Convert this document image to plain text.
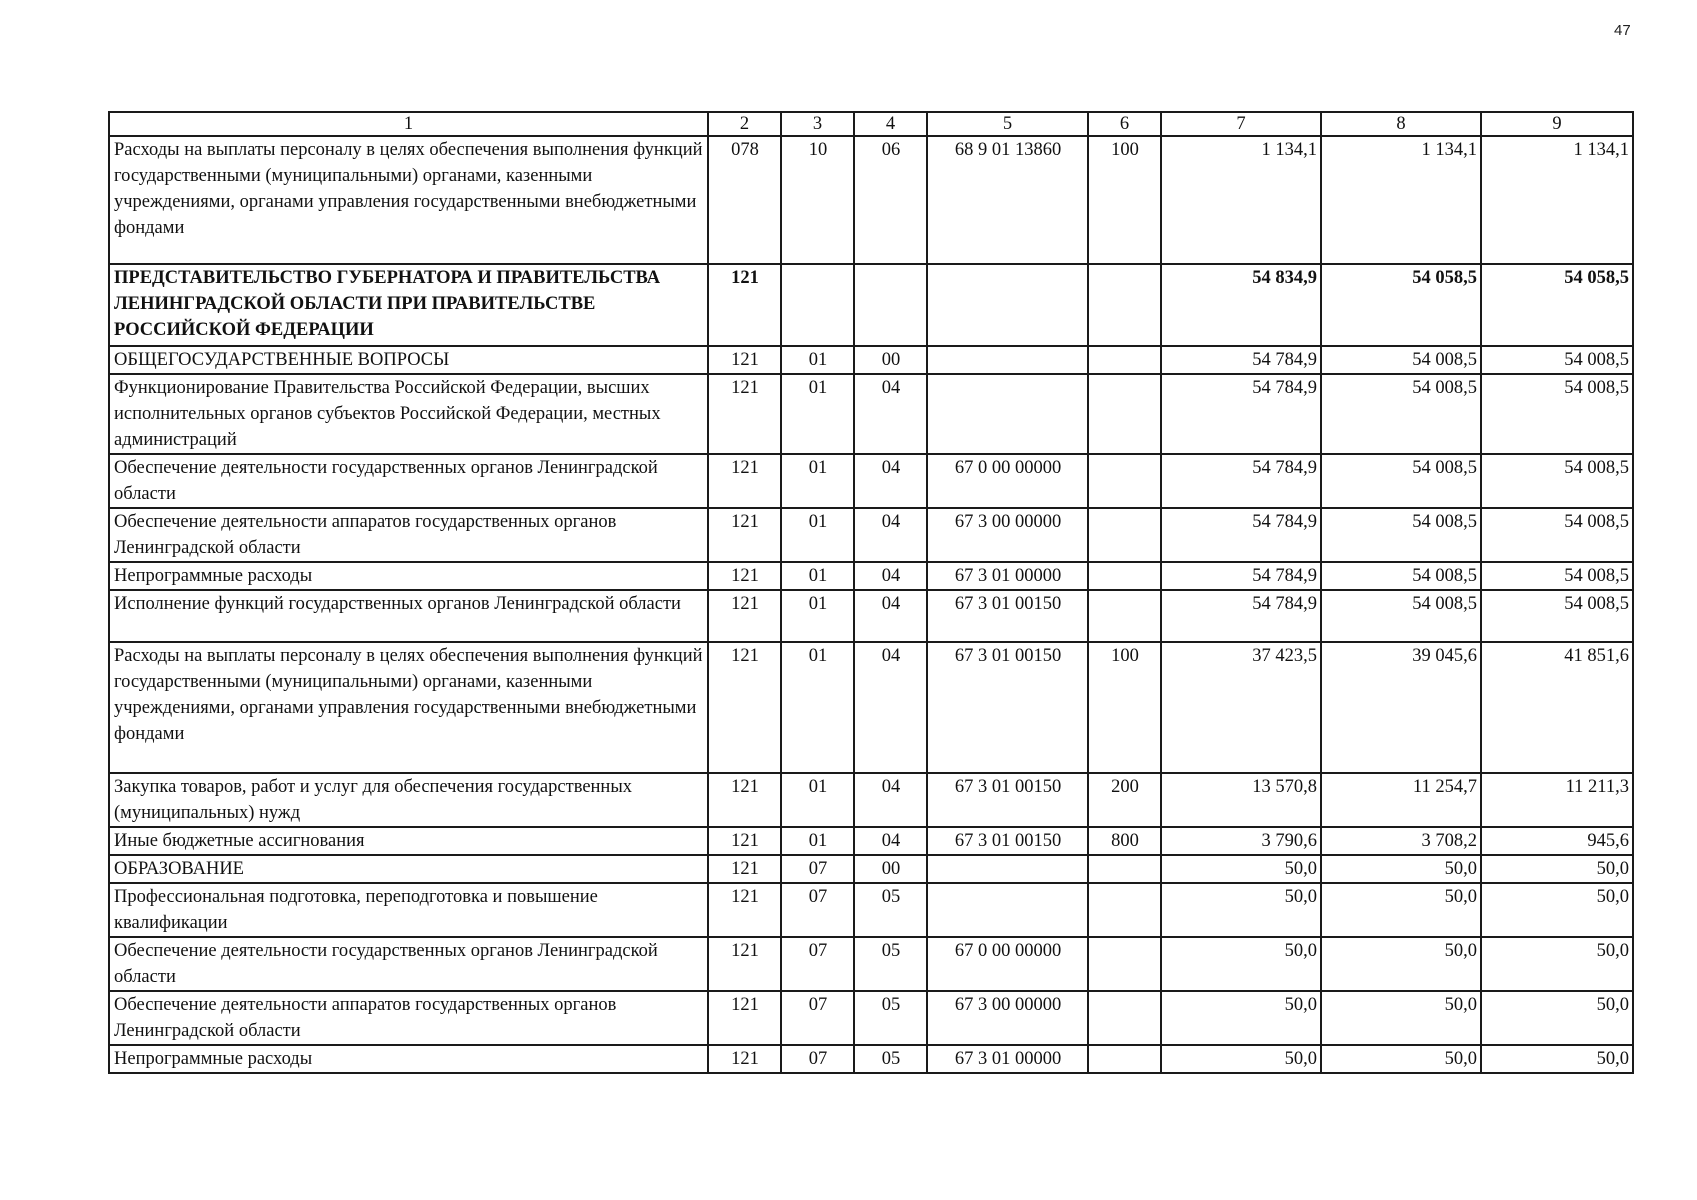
47
1	2	3	4	5	6	7	8	9
Расходы на выплаты персоналу в целях обеспечения выполнения функций государственными (муниципальными) органами, казенными учреждениями, органами управления государственными внебюджетными фондами	078	10	06	68 9 01 13860	100	1 134,1	1 134,1	1 134,1
ПРЕДСТАВИТЕЛЬСТВО ГУБЕРНАТОРА И ПРАВИТЕЛЬСТВА ЛЕНИНГРАДСКОЙ ОБЛАСТИ ПРИ ПРАВИТЕЛЬСТВЕ РОССИЙСКОЙ ФЕДЕРАЦИИ	121					54 834,9	54 058,5	54 058,5
ОБЩЕГОСУДАРСТВЕННЫЕ ВОПРОСЫ	121	01	00			54 784,9	54 008,5	54 008,5
Функционирование Правительства Российской Федерации, высших исполнительных органов субъектов Российской Федерации, местных администраций	121	01	04			54 784,9	54 008,5	54 008,5
Обеспечение деятельности государственных органов Ленинградской области	121	01	04	67 0 00 00000		54 784,9	54 008,5	54 008,5
Обеспечение деятельности аппаратов государственных органов Ленинградской области	121	01	04	67 3 00 00000		54 784,9	54 008,5	54 008,5
Непрограммные расходы	121	01	04	67 3 01 00000		54 784,9	54 008,5	54 008,5
Исполнение функций государственных органов Ленинградской области	121	01	04	67 3 01 00150		54 784,9	54 008,5	54 008,5
Расходы на выплаты персоналу в целях обеспечения выполнения функций государственными (муниципальными) органами, казенными учреждениями, органами управления государственными внебюджетными фондами	121	01	04	67 3 01 00150	100	37 423,5	39 045,6	41 851,6
Закупка товаров, работ и услуг для обеспечения государственных (муниципальных) нужд	121	01	04	67 3 01 00150	200	13 570,8	11 254,7	11 211,3
Иные бюджетные ассигнования	121	01	04	67 3 01 00150	800	3 790,6	3 708,2	945,6
ОБРАЗОВАНИЕ	121	07	00			50,0	50,0	50,0
Профессиональная подготовка, переподготовка и повышение квалификации	121	07	05			50,0	50,0	50,0
Обеспечение деятельности государственных органов Ленинградской области	121	07	05	67 0 00 00000		50,0	50,0	50,0
Обеспечение деятельности аппаратов государственных органов Ленинградской области	121	07	05	67 3 00 00000		50,0	50,0	50,0
Непрограммные расходы	121	07	05	67 3 01 00000		50,0	50,0	50,0
